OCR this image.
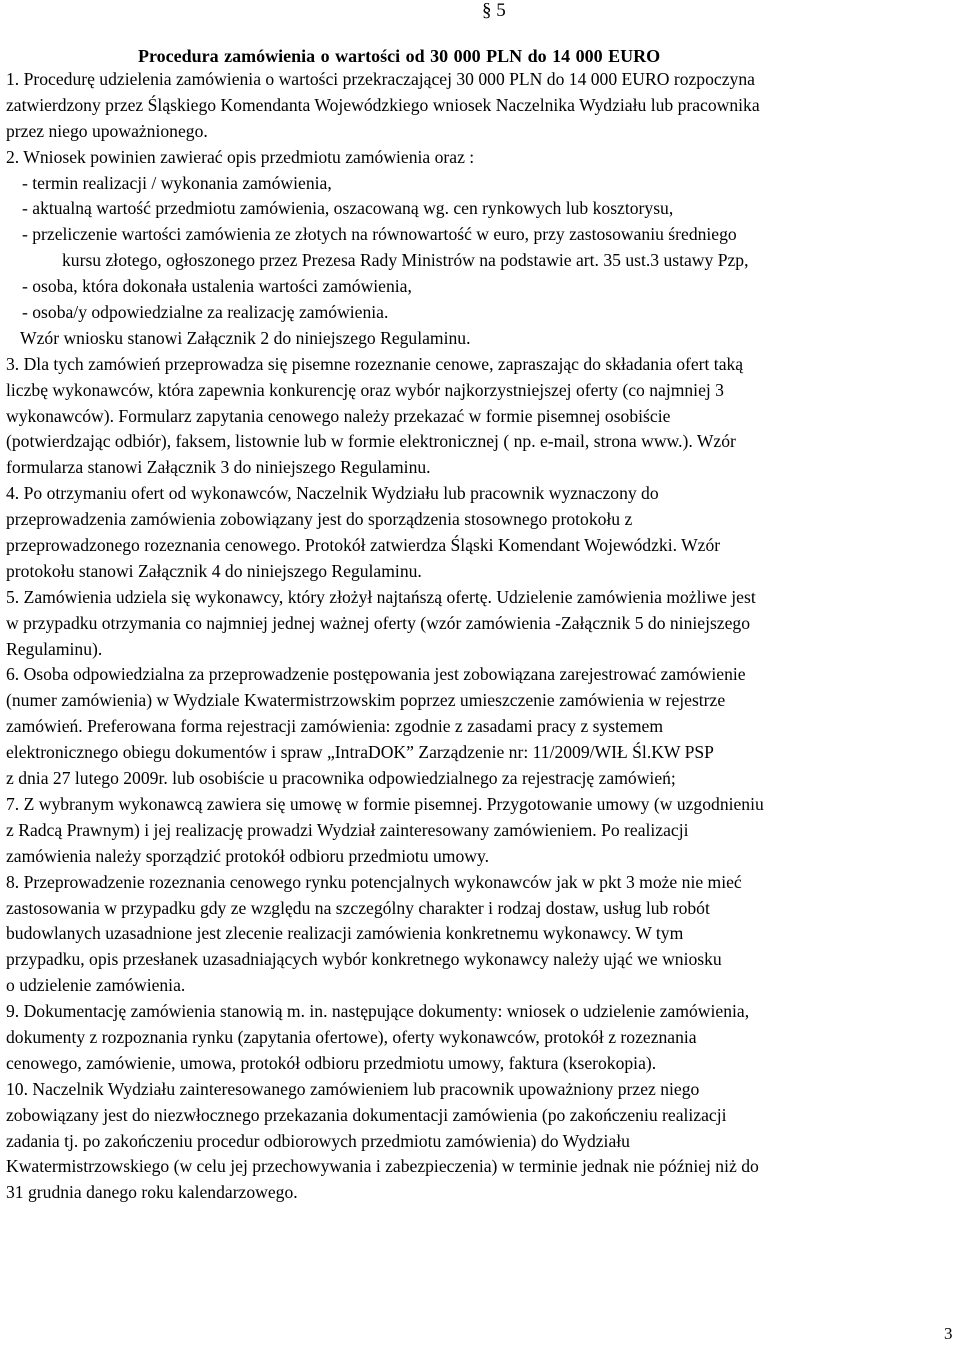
§ 5
Procedura zamówienia o wartości od 30 000 PLN do 14 000 EURO
1. Procedurę udzielenia zamówienia o wartości przekraczającej 30 000 PLN do 14 000 EURO rozpoczyna
zatwierdzony przez Śląskiego Komendanta Wojewódzkiego wniosek Naczelnika Wydziału lub pracownika
przez niego upoważnionego.
2. Wniosek powinien zawierać opis przedmiotu zamówienia oraz :
- termin realizacji / wykonania zamówienia,
- aktualną wartość przedmiotu zamówienia, oszacowaną wg. cen rynkowych lub kosztorysu,
- przeliczenie wartości zamówienia ze złotych na równowartość w euro, przy zastosowaniu średniego
kursu złotego, ogłoszonego przez Prezesa Rady Ministrów na podstawie art. 35 ust.3 ustawy Pzp,
- osoba, która dokonała ustalenia wartości zamówienia,
- osoba/y odpowiedzialne za realizację zamówienia.
Wzór wniosku stanowi Załącznik 2 do niniejszego Regulaminu.
3. Dla tych zamówień przeprowadza się pisemne rozeznanie cenowe, zapraszając do składania ofert taką
liczbę wykonawców, która zapewnia konkurencję oraz wybór najkorzystniejszej oferty (co najmniej 3
wykonawców). Formularz zapytania cenowego należy przekazać w formie pisemnej osobiście
(potwierdzając odbiór), faksem, listownie lub w formie elektronicznej ( np. e-mail, strona www.). Wzór
formularza stanowi Załącznik 3 do niniejszego Regulaminu.
4. Po otrzymaniu ofert od wykonawców, Naczelnik Wydziału lub pracownik wyznaczony do
przeprowadzenia zamówienia zobowiązany jest do sporządzenia stosownego protokołu z
przeprowadzonego rozeznania cenowego. Protokół zatwierdza Śląski Komendant Wojewódzki. Wzór
protokołu stanowi Załącznik 4 do niniejszego Regulaminu.
5. Zamówienia udziela się wykonawcy, który złożył najtańszą ofertę. Udzielenie zamówienia możliwe jest
w przypadku otrzymania co najmniej jednej ważnej oferty (wzór zamówienia -Załącznik 5 do niniejszego
Regulaminu).
6. Osoba odpowiedzialna za przeprowadzenie postępowania jest zobowiązana zarejestrować zamówienie
(numer zamówienia) w Wydziale Kwatermistrzowskim poprzez umieszczenie zamówienia w rejestrze
zamówień. Preferowana forma rejestracji zamówienia: zgodnie z zasadami pracy z systemem
elektronicznego obiegu dokumentów i spraw „IntraDOK” Zarządzenie nr: 11/2009/WIŁ Śl.KW PSP
z dnia 27 lutego 2009r. lub osobiście u pracownika odpowiedzialnego za rejestrację zamówień;
7. Z wybranym wykonawcą zawiera się umowę w formie pisemnej. Przygotowanie umowy (w uzgodnieniu
z Radcą Prawnym) i jej realizację prowadzi Wydział zainteresowany zamówieniem. Po realizacji
zamówienia należy sporządzić protokół odbioru przedmiotu umowy.
8. Przeprowadzenie rozeznania cenowego rynku potencjalnych wykonawców jak w pkt 3 może nie mieć
zastosowania w przypadku gdy ze względu na szczególny charakter i rodzaj dostaw, usług lub robót
budowlanych uzasadnione jest zlecenie realizacji zamówienia konkretnemu wykonawcy. W tym
przypadku, opis przesłanek uzasadniających wybór konkretnego wykonawcy należy ująć we wniosku
o udzielenie zamówienia.
9. Dokumentację zamówienia stanowią m. in. następujące dokumenty: wniosek o udzielenie zamówienia,
dokumenty z rozpoznania rynku (zapytania ofertowe), oferty wykonawców, protokół z rozeznania
cenowego, zamówienie, umowa, protokół odbioru przedmiotu umowy, faktura (kserokopia).
10. Naczelnik Wydziału zainteresowanego zamówieniem lub pracownik upoważniony przez niego
zobowiązany jest do niezwłocznego przekazania dokumentacji zamówienia (po zakończeniu realizacji
zadania tj. po zakończeniu procedur odbiorowych przedmiotu zamówienia) do Wydziału
Kwatermistrzowskiego (w celu jej przechowywania i zabezpieczenia) w terminie jednak nie później niż do
31 grudnia danego roku kalendarzowego.
3
